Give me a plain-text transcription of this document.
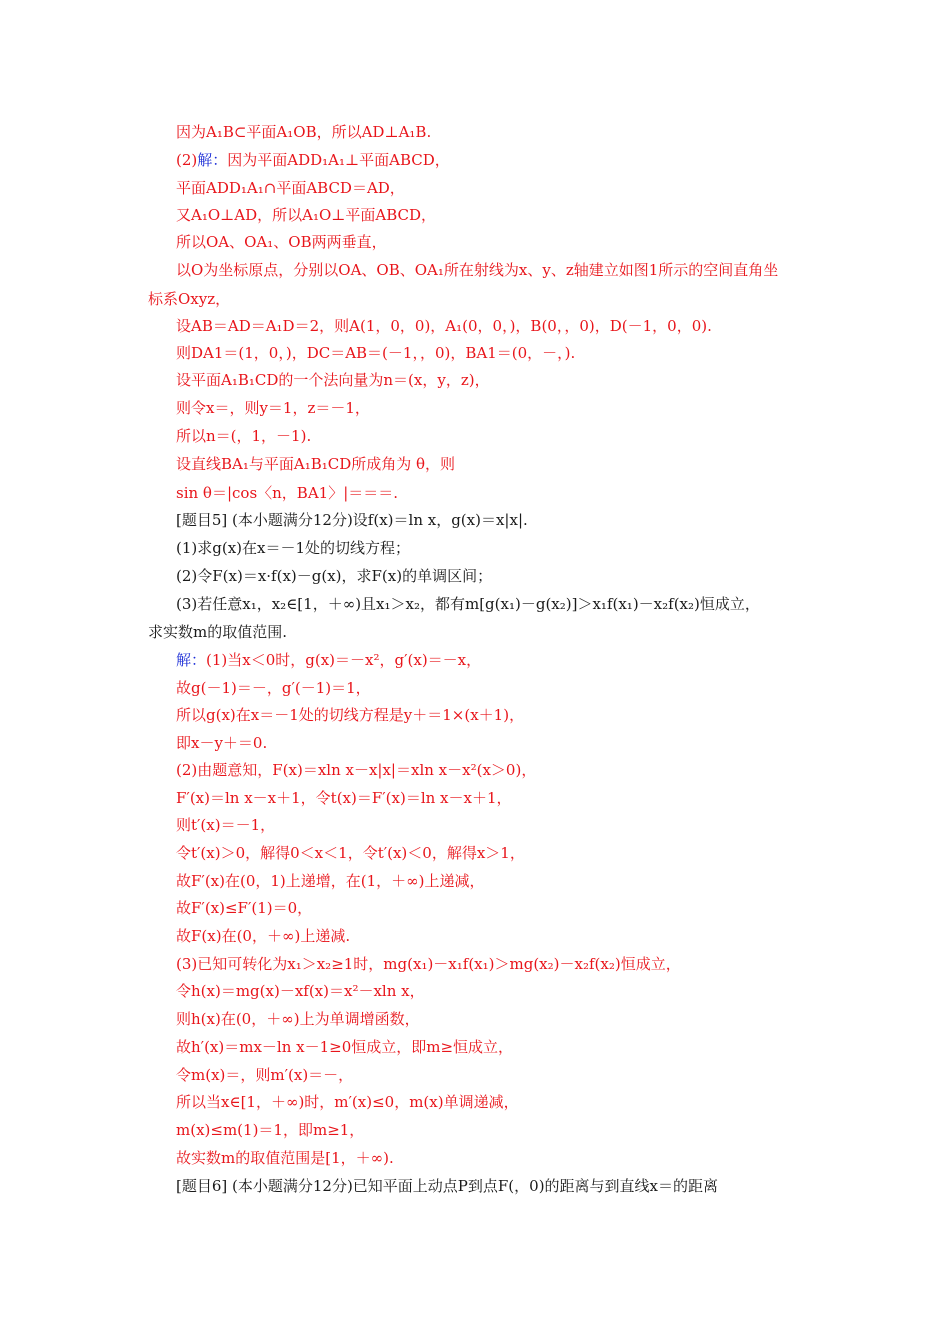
因为A₁B⊂平面A₁OB，所以AD⊥A₁B.
(2)解：因为平面ADD₁A₁⊥平面ABCD，
平面ADD₁A₁∩平面ABCD＝AD，
又A₁O⊥AD，所以A₁O⊥平面ABCD，
所以OA、OA₁、OB两两垂直，
以O为坐标原点，分别以OA、OB、OA₁所在射线为x、y、z轴建立如图1所示的空间直角坐
标系Oxyz，
设AB＝AD＝A₁D＝2，则A(1，0，0)，A₁(0，0，)，B(0，，0)，D(－1，0，0).
则DA1＝(1，0，)，DC＝AB＝(－1，，0)，BA1＝(0，－，).
设平面A₁B₁CD的一个法向量为n＝(x，y，z)，
则令x＝，则y＝1，z＝－1，
所以n＝(，1，－1).
设直线BA₁与平面A₁B₁CD所成角为 θ，则
sin θ＝|cos〈n，BA1〉|＝＝＝.
[题目5] (本小题满分12分)设f(x)＝ln x，g(x)＝x|x|.
(1)求g(x)在x＝－1处的切线方程；
(2)令F(x)＝x·f(x)－g(x)，求F(x)的单调区间；
(3)若任意x₁，x₂∈[1，＋∞)且x₁＞x₂，都有m[g(x₁)－g(x₂)]＞x₁f(x₁)－x₂f(x₂)恒成立，
求实数m的取值范围.
解：(1)当x＜0时，g(x)＝－x²，g′(x)＝－x，
故g(－1)＝－，g′(－1)＝1，
所以g(x)在x＝－1处的切线方程是y＋＝1×(x＋1)，
即x－y＋＝0.
(2)由题意知，F(x)＝xln x－x|x|＝xln x－x²(x＞0)，
F′(x)＝ln x－x＋1，令t(x)＝F′(x)＝ln x－x＋1，
则t′(x)＝－1，
令t′(x)＞0，解得0＜x＜1，令t′(x)＜0，解得x＞1，
故F′(x)在(0，1)上递增，在(1，＋∞)上递减，
故F′(x)≤F′(1)＝0，
故F(x)在(0，＋∞)上递减.
(3)已知可转化为x₁＞x₂≥1时，mg(x₁)－x₁f(x₁)＞mg(x₂)－x₂f(x₂)恒成立，
令h(x)＝mg(x)－xf(x)＝x²－xln x，
则h(x)在(0，＋∞)上为单调增函数，
故h′(x)＝mx－ln x－1≥0恒成立，即m≥恒成立，
令m(x)＝，则m′(x)＝－，
所以当x∈[1，＋∞)时，m′(x)≤0，m(x)单调递减，
m(x)≤m(1)＝1，即m≥1，
故实数m的取值范围是[1，＋∞).
[题目6] (本小题满分12分)已知平面上动点P到点F(，0)的距离与到直线x＝的距离
